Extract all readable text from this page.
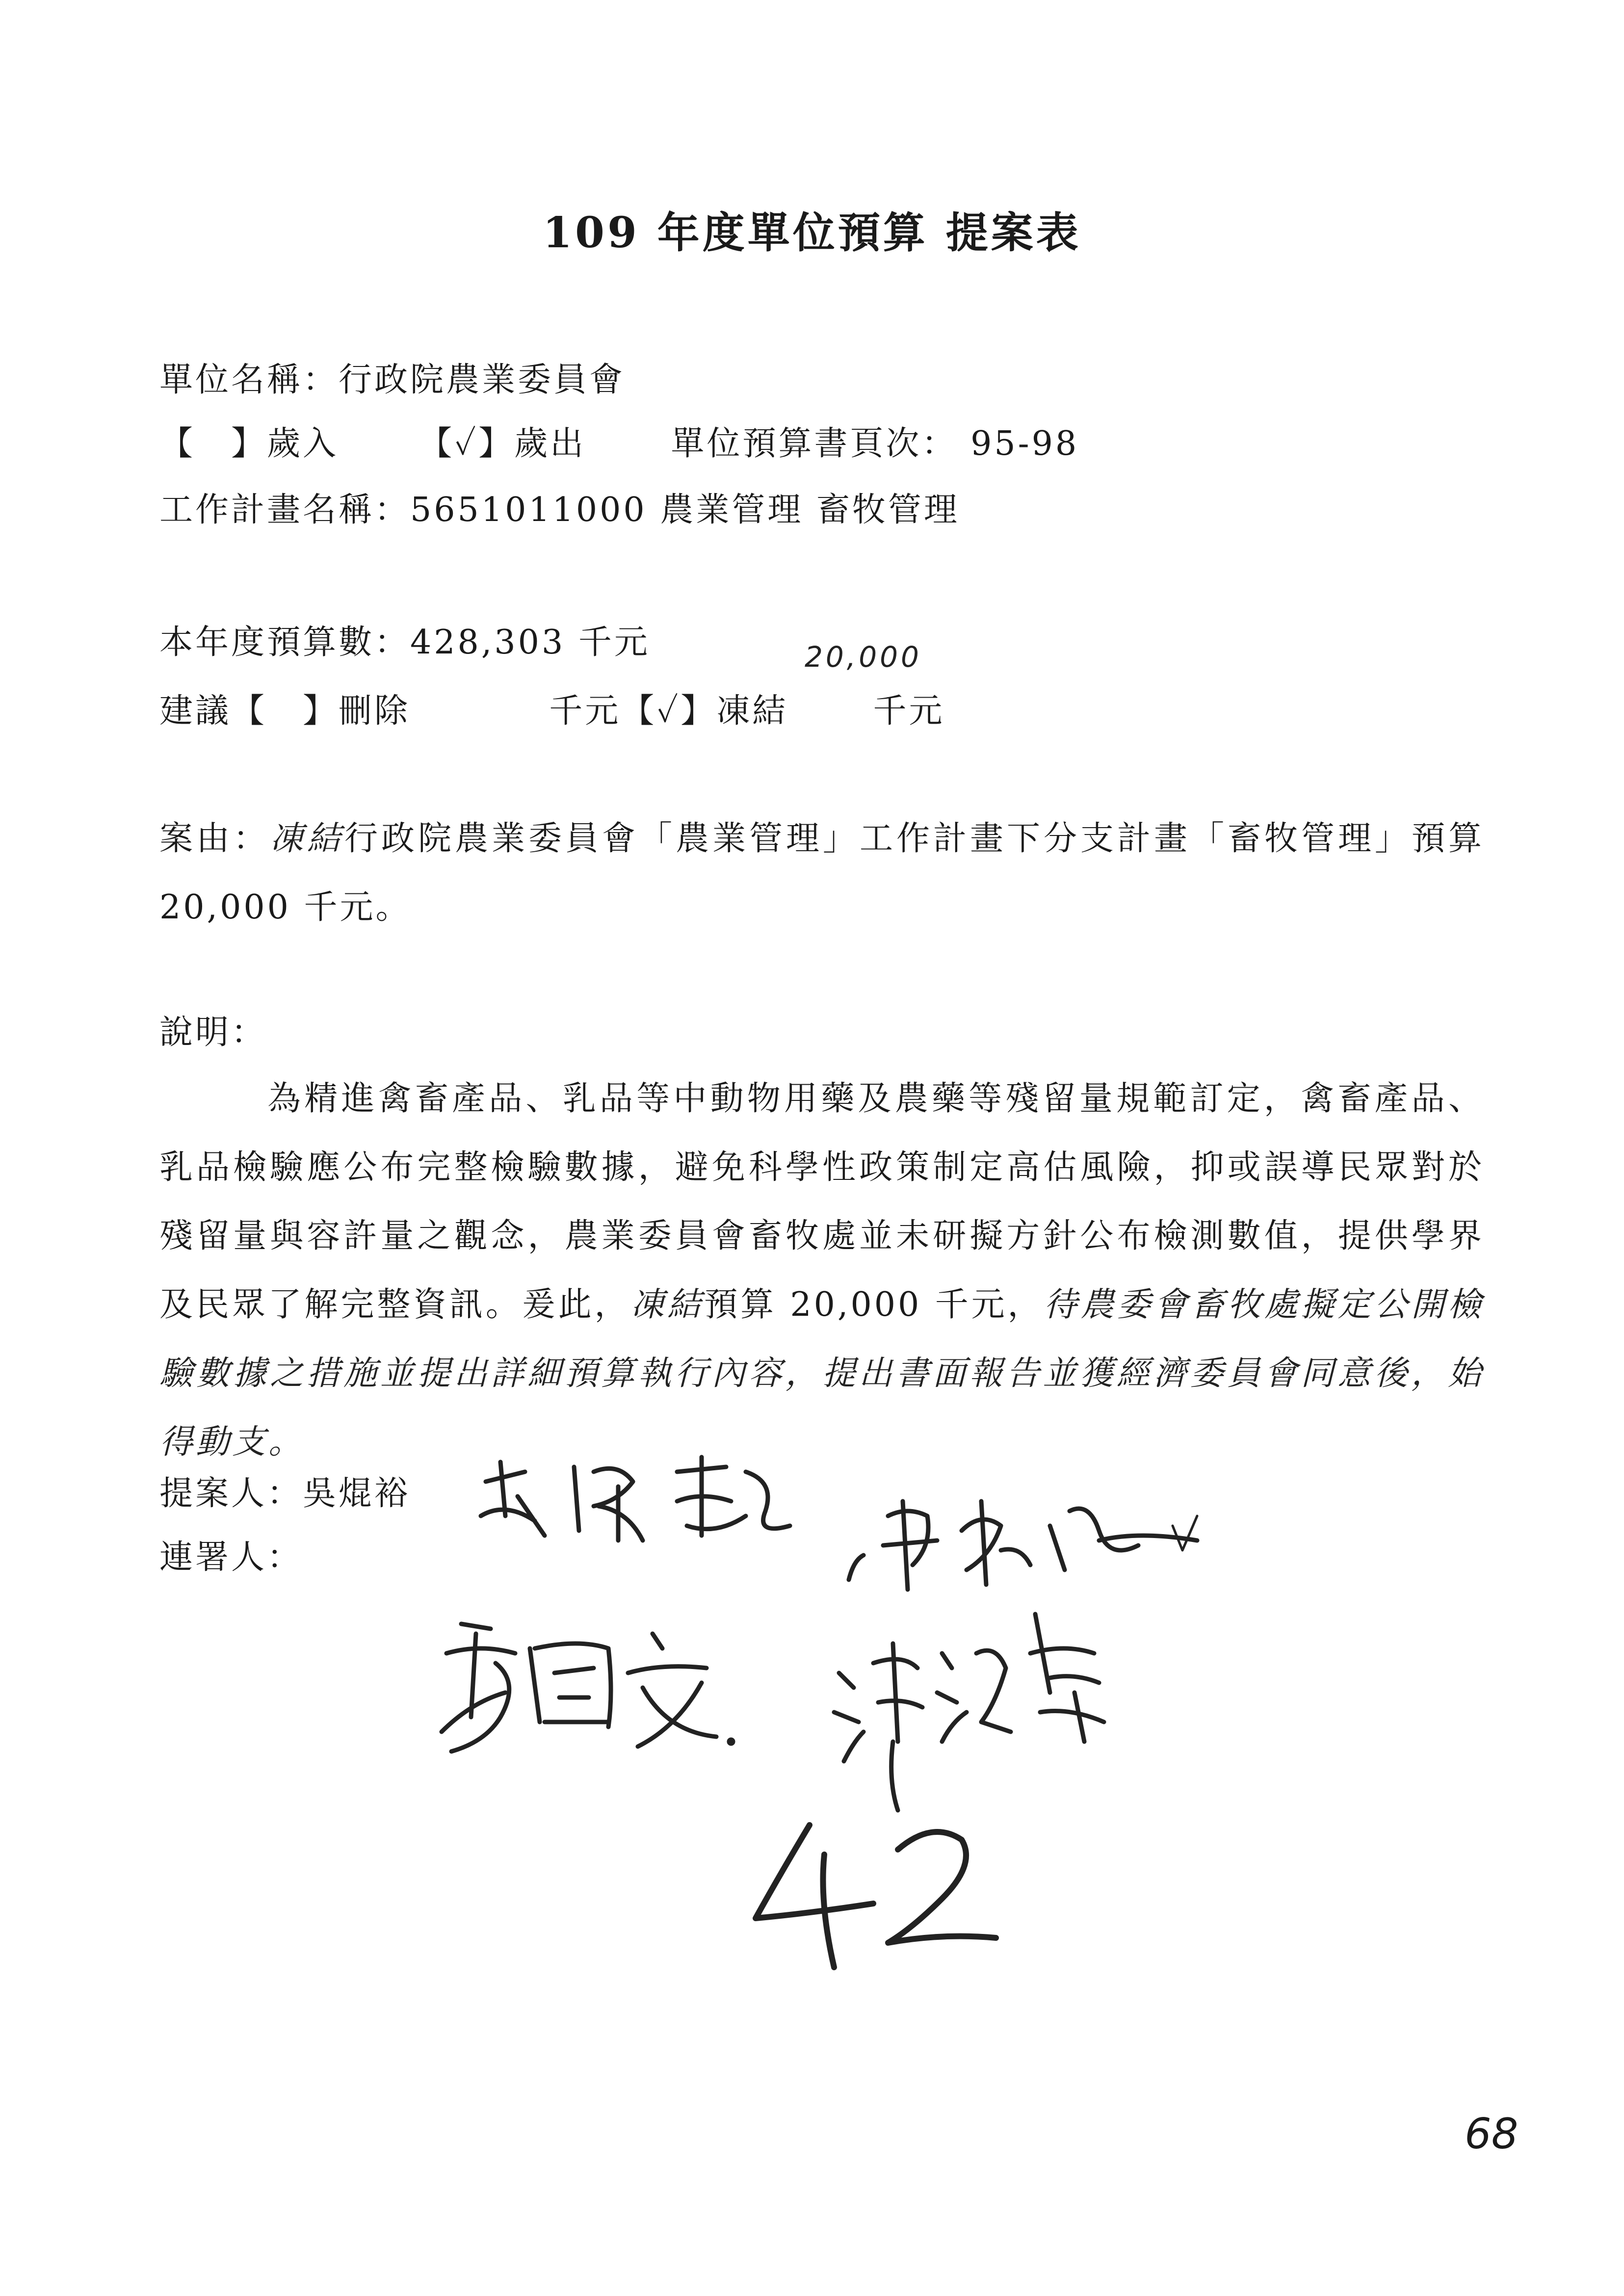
109 年度單位預算 提案表
單位名稱：行政院農業委員會
【　】歲入 【✓】歲出	單位預算書頁次： 95-98
工作計畫名稱：5651011000 農業管理 畜牧管理
本年度預算數：428,303 千元	20,000
建議【　】刪除	千元【✓】凍結	千元
案由：凍結行政院農業委員會「農業管理」工作計畫下分支計畫「畜牧管理」預算 20,000 千元。
說明：
為精進禽畜產品、乳品等中動物用藥及農藥等殘留量規範訂定，禽畜產品、乳品檢驗應公布完整檢驗數據，避免科學性政策制定高估風險，抑或誤導民眾對於殘留量與容許量之觀念，農業委員會畜牧處並未研擬方針公布檢測數值，提供學界及民眾了解完整資訊。爰此，凍結預算 20,000 千元，待農委會畜牧處擬定公開檢驗數據之措施並提出詳細預算執行內容，提出書面報告並獲經濟委員會同意後，始得動支。
提案人：吳焜裕
連署人：
68
